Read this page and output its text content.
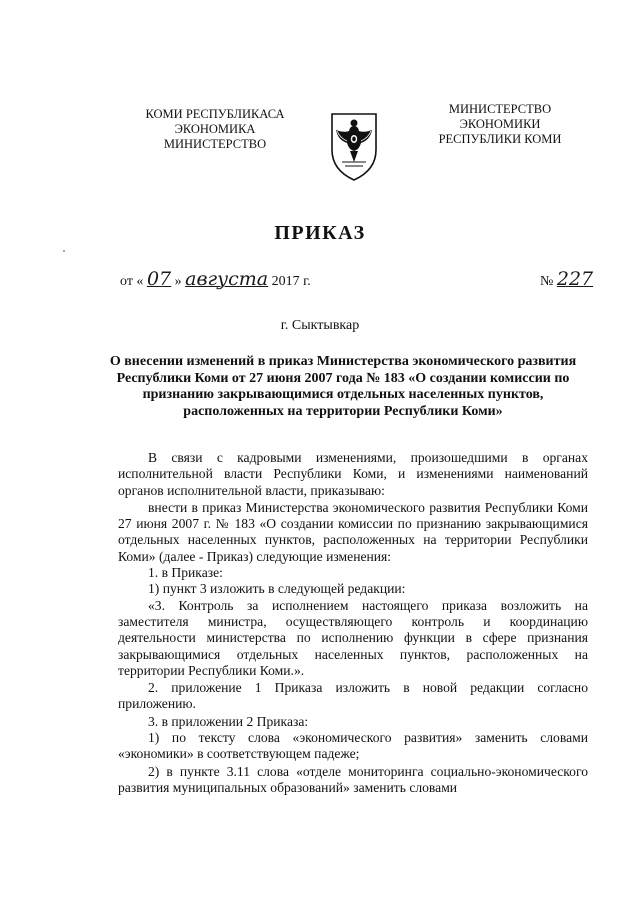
КОМИ РЕСПУБЛИКАСА
ЭКОНОМИКА
МИНИСТЕРСТВО
МИНИСТЕРСТВО
ЭКОНОМИКИ
РЕСПУБЛИКИ КОМИ
ПРИКАЗ
от « 07 » августа 2017 г.	№ 227
г. Сыктывкар
О внесении изменений в приказ Министерства экономического развития Республики Коми от 27 июня 2007 года № 183 «О создании комиссии по признанию закрывающимися отдельных населенных пунктов, расположенных на территории Республики Коми»

В связи с кадровыми изменениями, произошедшими в органах исполнительной власти Республики Коми, и изменениями наименований органов исполнительной власти, приказываю:

внести в приказ Министерства экономического развития Республики Коми 27 июня 2007 г. № 183 «О создании комиссии по признанию закрывающимися отдельных населенных пунктов, расположенных на территории Республики Коми» (далее - Приказ) следующие изменения:

1. в Приказе:

1) пункт 3 изложить в следующей редакции:

«3. Контроль за исполнением настоящего приказа возложить на заместителя министра, осуществляющего контроль и координацию деятельности министерства по исполнению функции в сфере признания закрывающимися отдельных населенных пунктов, расположенных на территории Республики Коми.».

2. приложение 1 Приказа изложить в новой редакции согласно приложению.

3. в приложении 2 Приказа:

1) по тексту слова «экономического развития» заменить словами «экономики» в соответствующем падеже;

2) в пункте 3.11 слова «отделе мониторинга социально-экономического развития муниципальных образований» заменить словами
